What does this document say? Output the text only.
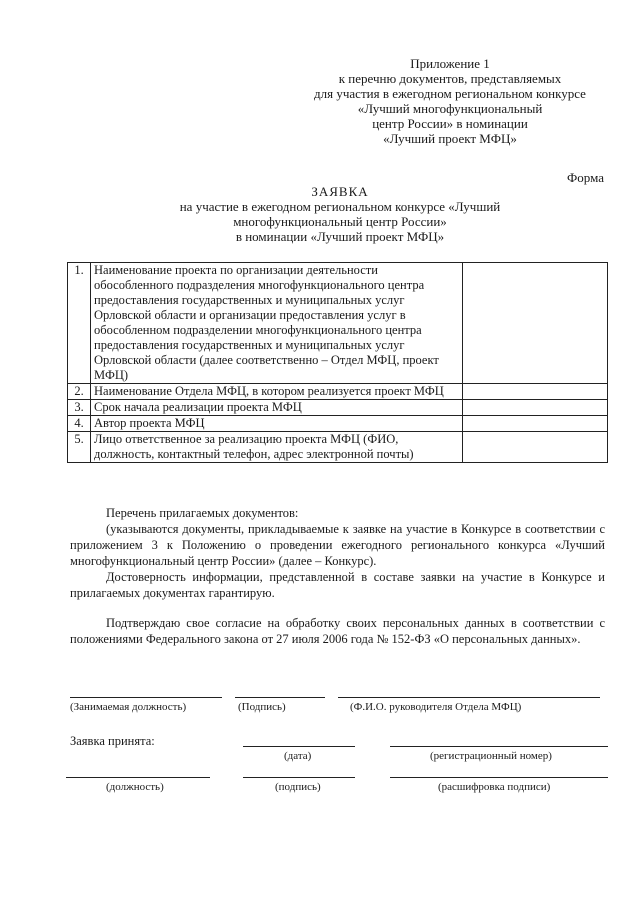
Приложение 1
к перечню документов, представляемых
для участия в ежегодном региональном конкурсе
«Лучший многофункциональный
центр России» в номинации
«Лучший проект МФЦ»
Форма
ЗАЯВКА
на участие в ежегодном региональном конкурсе «Лучший
многофункциональный центр России»
в номинации «Лучший проект МФЦ»
1.	Наименование проекта по организации деятельности обособленного подразделения многофункционального центра предоставления государственных и муниципальных услуг Орловской области и организации предоставления услуг в обособленном подразделении многофункционального центра предоставления государственных и муниципальных услуг Орловской области (далее соответственно – Отдел МФЦ, проект МФЦ)	
2.	Наименование Отдела МФЦ, в котором реализуется проект МФЦ	
3.	Срок начала реализации проекта МФЦ	
4.	Автор проекта МФЦ	
5.	Лицо ответственное за реализацию проекта МФЦ (ФИО, должность, контактный телефон, адрес электронной почты)	

Перечень прилагаемых документов:

(указываются документы, прикладываемые к заявке на участие в Конкурсе в соответствии с приложением 3 к Положению о проведении ежегодного регионального конкурса «Лучший многофункциональный центр России» (далее – Конкурс).

Достоверность информации, представленной в составе заявки на участие в Конкурсе и прилагаемых документах гарантирую.

Подтверждаю свое согласие на обработку своих персональных данных в соответствии с положениями Федерального закона от 27 июля 2006 года № 152-ФЗ «О персональных данных».

(Занимаемая должность)	(Подпись)	(Ф.И.О. руководителя Отдела МФЦ)
Заявка принята:
(дата)	(регистрационный номер)
(должность)	(подпись)	(расшифровка подписи)
